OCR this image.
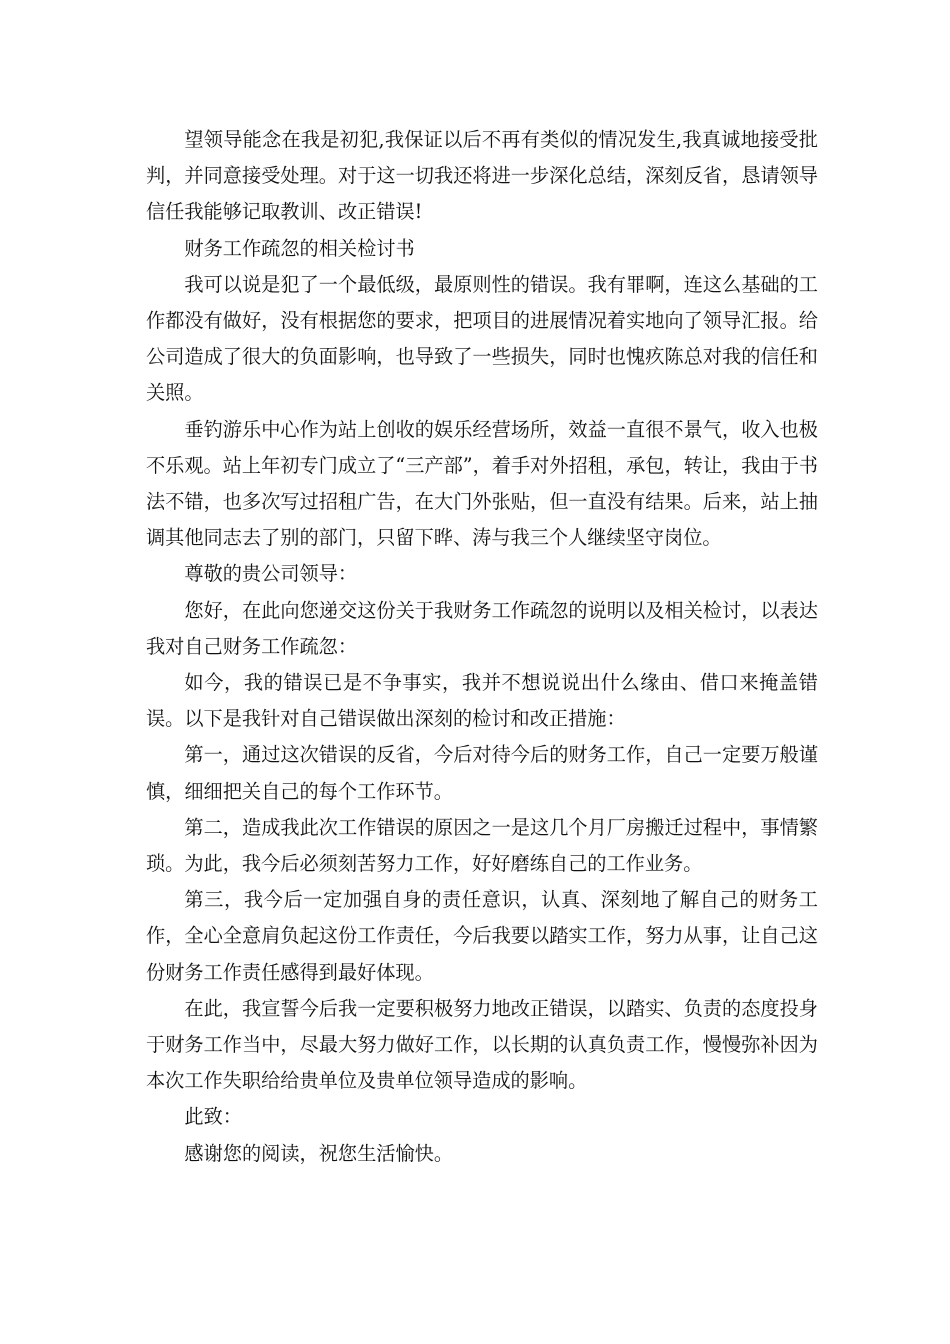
望领导能念在我是初犯,我保证以后不再有类似的情况发生,我真诚地接受批判，并同意接受处理。对于这一切我还将进一步深化总结，深刻反省，恳请领导信任我能够记取教训、改正错误!

财务工作疏忽的相关检讨书

我可以说是犯了一个最低级，最原则性的错误。我有罪啊，连这么基础的工作都没有做好，没有根据您的要求，把项目的进展情况着实地向了领导汇报。给公司造成了很大的负面影响，也导致了一些损失，同时也愧疚陈总对我的信任和关照。

垂钓游乐中心作为站上创收的娱乐经营场所，效益一直很不景气，收入也极不乐观。站上年初专门成立了“三产部”，着手对外招租，承包，转让，我由于书法不错，也多次写过招租广告，在大门外张贴，但一直没有结果。后来，站上抽调其他同志去了别的部门，只留下晔、涛与我三个人继续坚守岗位。

尊敬的贵公司领导：

您好，在此向您递交这份关于我财务工作疏忽的说明以及相关检讨，以表达我对自己财务工作疏忽：

如今，我的错误已是不争事实，我并不想说说出什么缘由、借口来掩盖错误。以下是我针对自己错误做出深刻的检讨和改正措施：

第一，通过这次错误的反省，今后对待今后的财务工作，自己一定要万般谨慎，细细把关自己的每个工作环节。

第二，造成我此次工作错误的原因之一是这几个月厂房搬迁过程中，事情繁琐。为此，我今后必须刻苦努力工作，好好磨练自己的工作业务。

第三，我今后一定加强自身的责任意识，认真、深刻地了解自己的财务工作，全心全意肩负起这份工作责任，今后我要以踏实工作，努力从事，让自己这份财务工作责任感得到最好体现。

在此，我宣誓今后我一定要积极努力地改正错误，以踏实、负责的态度投身于财务工作当中，尽最大努力做好工作，以长期的认真负责工作，慢慢弥补因为本次工作失职给给贵单位及贵单位领导造成的影响。

此致：

感谢您的阅读，祝您生活愉快。
